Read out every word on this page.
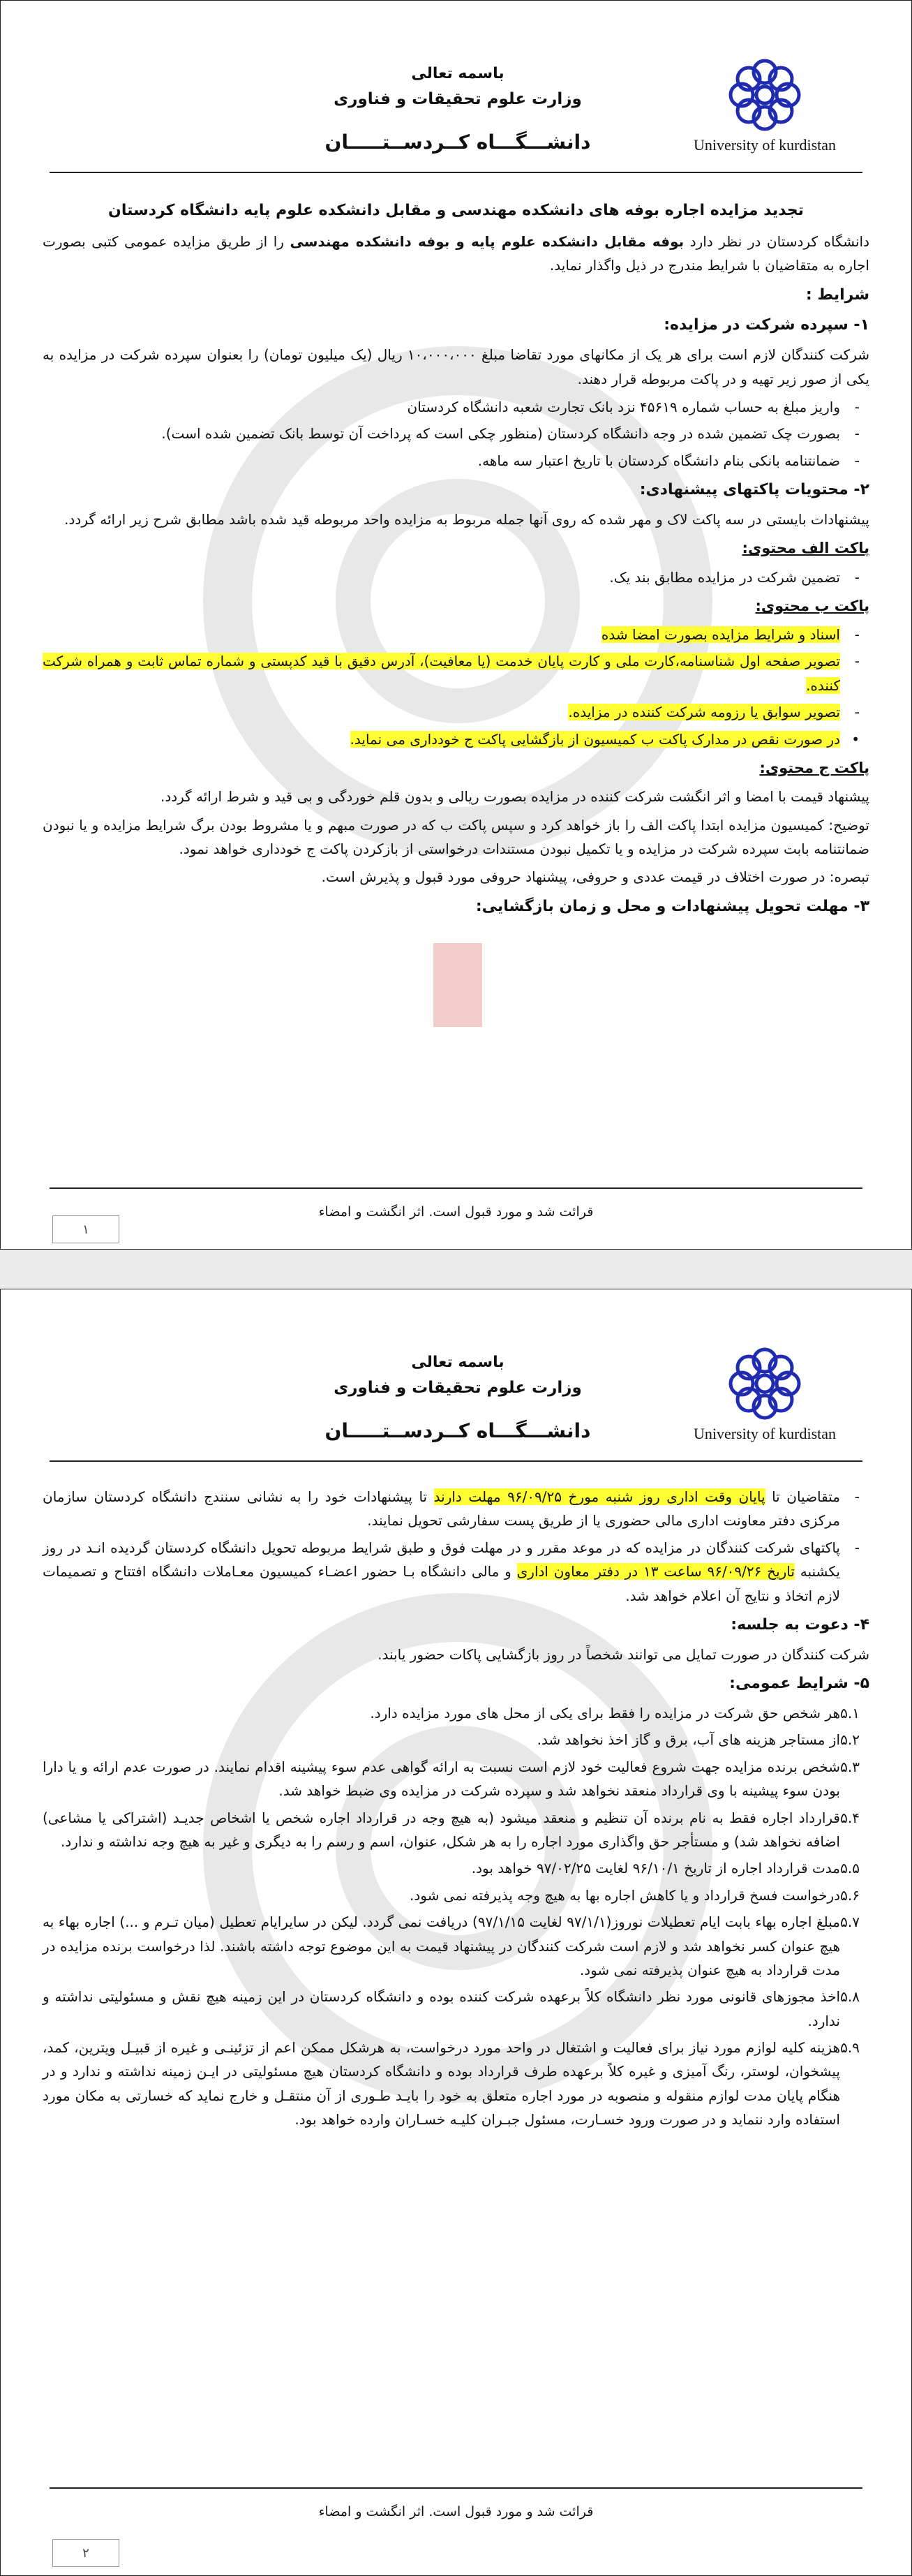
University of kurdistan
باسمه تعالی
وزارت علوم تحقیقات و فناوری
دانشـــگـــاه کــردســتـــــان

تجدید مزایده اجاره بوفه های دانشکده مهندسی و مقابل دانشکده علوم پایه دانشگاه کردستان

دانشگاه کردستان در نظر دارد بوفه مقابل دانشکده علوم پایه و بوفه دانشکده مهندسی را از طریق مزایده عمومی کتبی بصورت اجاره به متقاضیان با شرایط مندرج در ذیل واگذار نماید.

شرایط :

۱- سپرده شرکت در مزایده:

شرکت کنندگان لازم است برای هر یک از مکانهای مورد تقاضا مبلغ ۱۰،۰۰۰،۰۰۰ ریال (یک میلیون تومان) را بعنوان سپرده شرکت در مزایده به یکی از صور زیر تهیه و در پاکت مربوطه قرار دهند.

-
واریز مبلغ به حساب شماره ۴۵۶۱۹ نزد بانک تجارت شعبه دانشگاه کردستان
-
بصورت چک تضمین شده در وجه دانشگاه کردستان (منظور چکی است که پرداخت آن توسط بانک تضمین شده است).
-
ضمانتنامه بانکی بنام دانشگاه کردستان با تاریخ اعتبار سه ماهه.

۲- محتویات پاکتهای پیشنهادی:

پیشنهادات بایستی در سه پاکت لاک و مهر شده که روی آنها جمله مربوط به مزایده واحد مربوطه قید شده باشد مطابق شرح زیر ارائه گردد.

پاکت الف محتوی:

-
تضمین شرکت در مزایده مطابق بند یک.

پاکت ب محتوی:

-
اسناد و شرایط مزایده بصورت امضا شده
-
تصویر صفحه اول شناسنامه،کارت ملی و کارت پایان خدمت (یا معافیت)، آدرس دقیق با قید کدپستی و شماره تماس ثابت و همراه شرکت کننده.
-
تصویر سوابق یا رزومه شرکت کننده در مزایده.
•
در صورت نقص در مدارک پاکت ب کمیسیون از بازگشایی پاکت ج خودداری می نماید.

پاکت ج محتوی:

پیشنهاد قیمت با امضا و اثر انگشت شرکت کننده در مزایده بصورت ریالی و بدون قلم خوردگی و بی قید و شرط ارائه گردد.

توضیح: کمیسیون مزایده ابتدا پاکت الف را باز خواهد کرد و سپس پاکت ب که در صورت مبهم و یا مشروط بودن برگ شرایط مزایده و یا نبودن ضمانتنامه بابت سپرده شرکت در مزایده و یا تکمیل نبودن مستندات درخواستی از بازکردن پاکت ج خودداری خواهد نمود.

تبصره: در صورت اختلاف در قیمت عددی و حروفی، پیشنهاد حروفی مورد قبول و پذیرش است.

۳- مهلت تحویل پیشنهادات و محل و زمان بازگشایی:

قرائت شد و مورد قبول است. اثر انگشت و امضاء
۱
University of kurdistan
باسمه تعالی
وزارت علوم تحقیقات و فناوری
دانشـــگـــاه کــردســتـــــان
-
متقاضیان تا پایان وقت اداری روز شنبه مورخ ۹۶/۰۹/۲۵ مهلت دارند تا پیشنهادات خود را به نشانی سنندج دانشگاه کردستان سازمان مرکزی دفتر معاونت اداری مالی حضوری یا از طریق پست سفارشی تحویل نمایند.
-
پاکتهای شرکت کنندگان در مزایده که در موعد مقرر و در مهلت فوق و طبق شرایط مربوطه تحویل دانشگاه کردستان گردیده انـد در روز یکشنبه تاریخ ۹۶/۰۹/۲۶ ساعت ۱۳ در دفتر معاون اداری و مالی دانشگاه بـا حضور اعضـاء کمیسیون معـاملات دانشگاه افتتاح و تصمیمات لازم اتخاذ و نتایج آن اعلام خواهد شد.

۴- دعوت به جلسه:

شرکت کنندگان در صورت تمایل می توانند شخصاً در روز بازگشایی پاکات حضور یابند.

۵- شرایط عمومی:

۵.۱
هر شخص حق شرکت در مزایده را فقط برای یکی از محل های مورد مزایده دارد.
۵.۲
از مستاجر هزینه های آب، برق و گاز اخذ نخواهد شد.
۵.۳
شخص برنده مزایده جهت شروع فعالیت خود لازم است نسبت به ارائه گواهی عدم سوء پیشینه اقدام نمایند. در صورت عدم ارائه و یا دارا بودن سوء پیشینه با وی قرارداد منعقد نخواهد شد و سپرده شرکت در مزایده وی ضبط خواهد شد.
۵.۴
قرارداد اجاره فقط به نام برنده آن تنظیم و منعقد میشود (به هیچ وجه در قرارداد اجاره شخص یا اشخاص جدیـد (اشتراکی یا مشاعی) اضافه نخواهد شد) و مستأجر حق واگذاری مورد اجاره را به هر شکل، عنوان، اسم و رسم را به دیگری و غیر به هیچ وجه نداشته و ندارد.
۵.۵
مدت قرارداد اجاره از تاریخ ۹۶/۱۰/۱ لغایت ۹۷/۰۲/۲۵ خواهد بود.
۵.۶
درخواست فسخ قرارداد و یا کاهش اجاره بها به هیچ وجه پذیرفته نمی شود.
۵.۷
مبلغ اجاره بهاء بابت ایام تعطیلات نوروز(۹۷/۱/۱ لغایت ۹۷/۱/۱۵) دریافت نمی گردد. لیکن در سایرایام تعطیل (میان تـرم و ...) اجاره بهاء به هیچ عنوان کسر نخواهد شد و لازم است شرکت کنندگان در پیشنهاد قیمت به این موضوع توجه داشته باشند. لذا درخواست برنده مزایده در مدت قرارداد به هیچ عنوان پذیرفته نمی شود.
۵.۸
اخذ مجوزهای قانونی مورد نظر دانشگاه کلاً برعهده شرکت کننده بوده و دانشگاه کردستان در این زمینه هیچ نقش و مسئولیتی نداشته و ندارد.
۵.۹
هزینه کلیه لوازم مورد نیاز برای فعالیت و اشتغال در واحد مورد درخواست، به هرشکل ممکن اعم از تزئینـی و غیره از قبیـل ویترین، کمد، پیشخوان، لوستر، رنگ آمیزی و غیره کلاً برعهده طرف قرارداد بوده و دانشگاه کردستان هیچ مسئولیتی در ایـن زمینه نداشته و ندارد و در هنگام پایان مدت لوازم منقوله و منصوبه در مورد اجاره متعلق به خود را بایـد طـوری از آن منتقـل و خارج نماید که خسارتی به مکان مورد استفاده وارد ننماید و در صورت ورود خسـارت، مسئول جبـران کلیـه خسـاران وارده خواهد بود.
قرائت شد و مورد قبول است. اثر انگشت و امضاء
۲
